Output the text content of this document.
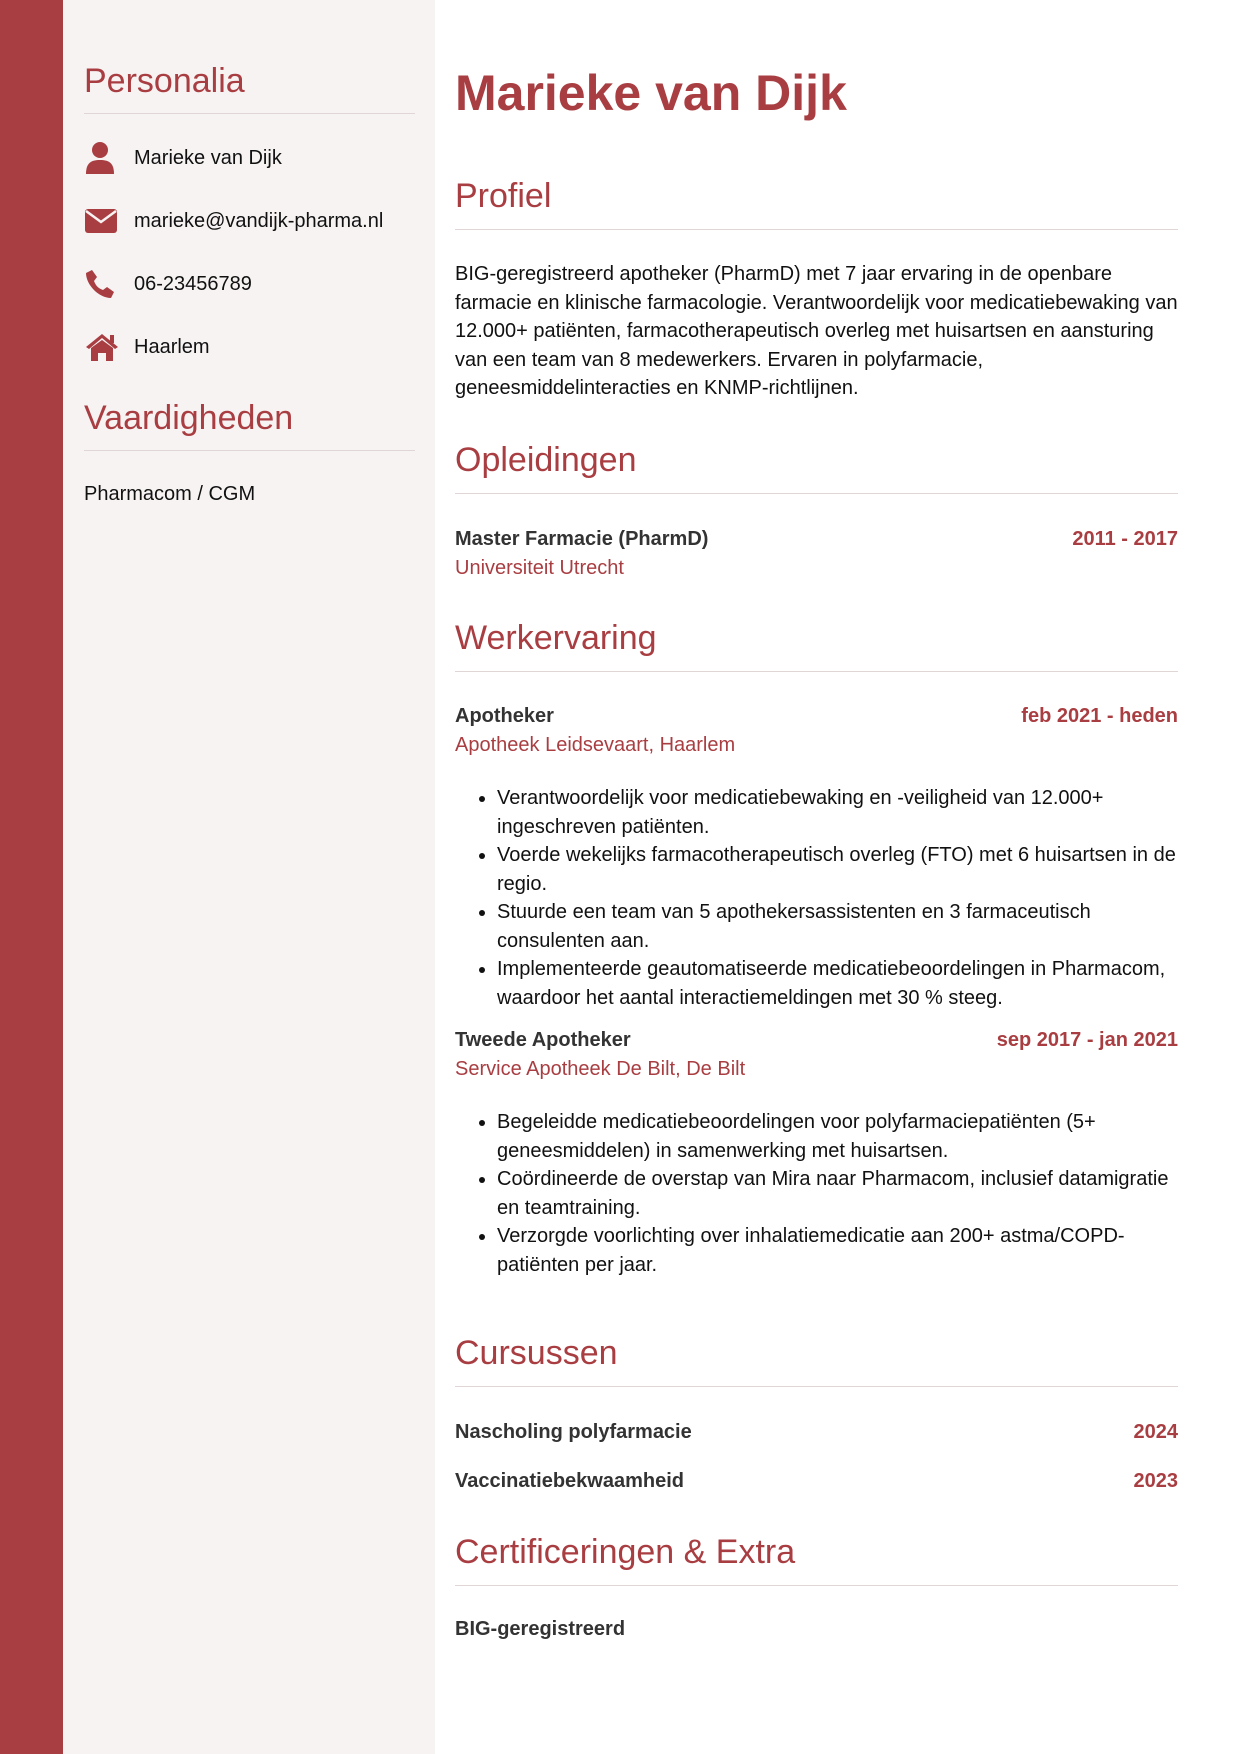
Personalia
Marieke van Dijk
marieke@vandijk-pharma.nl
06-23456789
Haarlem
Vaardigheden
Pharmacom / CGM
Marieke van Dijk
Profiel
BIG-geregistreerd apotheker (PharmD) met 7 jaar ervaring in de openbare farmacie en klinische farmacologie. Verantwoordelijk voor medicatiebewaking van 12.000+ patiënten, farmacotherapeutisch overleg met huisartsen en aansturing van een team van 8 medewerkers. Ervaren in polyfarmacie, geneesmiddelinteracties en KNMP-richtlijnen.
Opleidingen
Master Farmacie (PharmD)	2011 - 2017
Universiteit Utrecht
Werkervaring
Apotheker	feb 2021 - heden
Apotheek Leidsevaart, Haarlem
• Verantwoordelijk voor medicatiebewaking en -veiligheid van 12.000+ ingeschreven patiënten.
• Voerde wekelijks farmacotherapeutisch overleg (FTO) met 6 huisartsen in de regio.
• Stuurde een team van 5 apothekersassistenten en 3 farmaceutisch consulenten aan.
• Implementeerde geautomatiseerde medicatiebeoordelingen in Pharmacom, waardoor het aantal interactiemeldingen met 30 % steeg.
Tweede Apotheker	sep 2017 - jan 2021
Service Apotheek De Bilt, De Bilt
• Begeleidde medicatiebeoordelingen voor polyfarmaciepatiënten (5+ geneesmiddelen) in samenwerking met huisartsen.
• Coördineerde de overstap van Mira naar Pharmacom, inclusief datamigratie en teamtraining.
• Verzorgde voorlichting over inhalatiemedicatie aan 200+ astma/COPD-patiënten per jaar.
Cursussen
Nascholing polyfarmacie	2024
Vaccinatiebekwaamheid	2023
Certificeringen & Extra
BIG-geregistreerd
